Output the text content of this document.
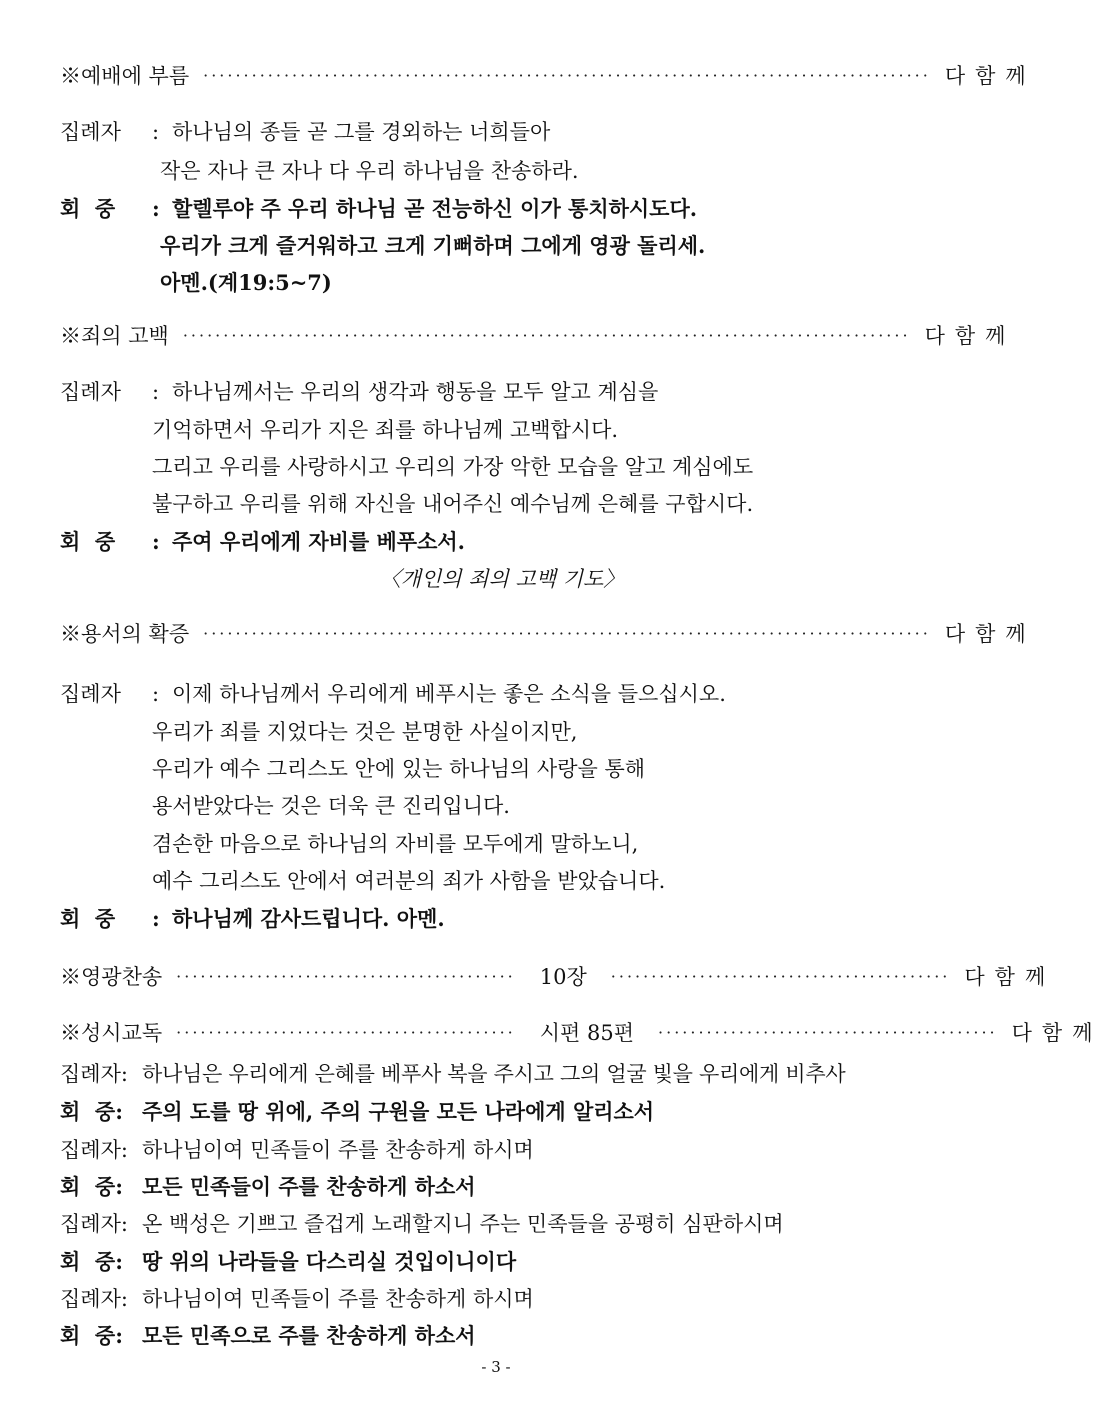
※예배에 부름 ·························································································· 다함께
집례자	: 하나님의 종들 곧 그를 경외하는 너희들아
작은 자나 큰 자나 다 우리 하나님을 찬송하라.
회  중	: 할렐루야 주 우리 하나님 곧 전능하신 이가 통치하시도다.
우리가 크게 즐거워하고 크게 기뻐하며 그에게 영광 돌리세.
아멘.(계19:5~7)
※죄의 고백 ·························································································· 다함께
집례자	: 하나님께서는 우리의 생각과 행동을 모두 알고 계심을
기억하면서 우리가 지은 죄를 하나님께 고백합시다.
그리고 우리를 사랑하시고 우리의 가장 악한 모습을 알고 계심에도
불구하고 우리를 위해 자신을 내어주신 예수님께 은혜를 구합시다.
회  중	: 주여 우리에게 자비를 베푸소서.
〈개인의 죄의 고백 기도〉
※용서의 확증 ·························································································· 다함께
집례자	: 이제 하나님께서 우리에게 베푸시는 좋은 소식을 들으십시오.
우리가 죄를 지었다는 것은 분명한 사실이지만,
우리가 예수 그리스도 안에 있는 하나님의 사랑을 통해
용서받았다는 것은 더욱 큰 진리입니다.
겸손한 마음으로 하나님의 자비를 모두에게 말하노니,
예수 그리스도 안에서 여러분의 죄가 사함을 받았습니다.
회  중	: 하나님께 감사드립니다. 아멘.
※영광찬송 ·········································· 10장 ·········································· 다함께
※성시교독 ·········································· 시편 85편 ·········································· 다함께
집례자: 하나님은 우리에게 은혜를 베푸사 복을 주시고 그의 얼굴 빛을 우리에게 비추사
회  중: 주의 도를 땅 위에, 주의 구원을 모든 나라에게 알리소서
집례자: 하나님이여 민족들이 주를 찬송하게 하시며
회  중: 모든 민족들이 주를 찬송하게 하소서
집례자: 온 백성은 기쁘고 즐겁게 노래할지니 주는 민족들을 공평히 심판하시며
회  중: 땅 위의 나라들을 다스리실 것입이니이다
집례자: 하나님이여 민족들이 주를 찬송하게 하시며
회  중: 모든 민족으로 주를 찬송하게 하소서
- 3 -
